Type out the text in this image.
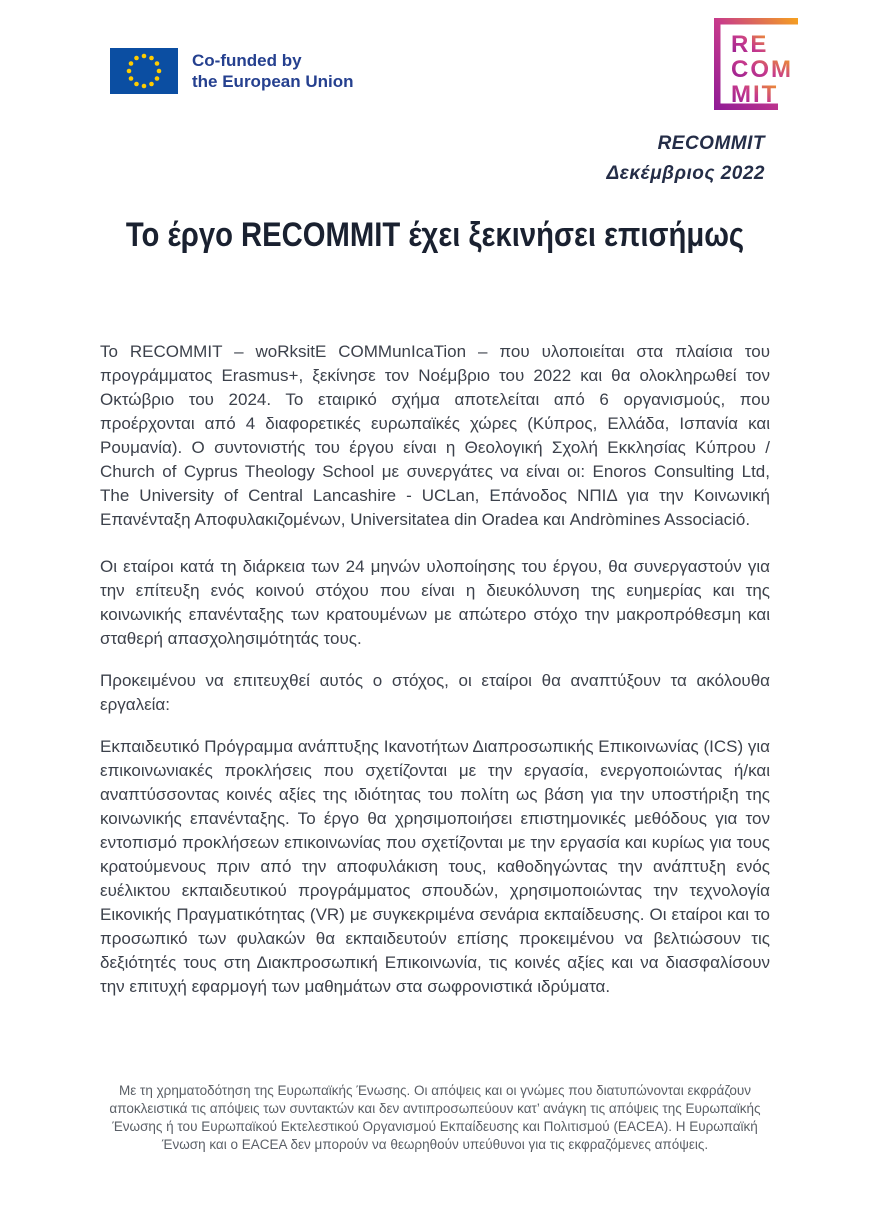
Co-funded by
the European Union
RE
COM
MIT
RECOMMIT
Δεκέμβριος 2022
Το έργο RECOMMIT έχει ξεκινήσει επισήμως

Το RECOMMIT – woRksitE COMMunIcaTion – που υλοποιείται στα πλαίσια του προγράμματος Erasmus+, ξεκίνησε τον Νοέμβριο του 2022 και θα ολοκληρωθεί τον Οκτώβριο του 2024. Το εταιρικό σχήμα αποτελείται από 6 οργανισμούς, που προέρχονται από 4 διαφορετικές ευρωπαϊκές χώρες (Κύπρος, Ελλάδα, Ισπανία και Ρουμανία). Ο συντονιστής του έργου είναι η Θεολογική Σχολή Εκκλησίας Κύπρου / Church of Cyprus Theology School με συνεργάτες να είναι οι: Enoros Consulting Ltd, The University of Central Lancashire - UCLan, Επάνοδος ΝΠΙΔ για την Κοινωνική Επανένταξη Αποφυλακιζομένων, Universitatea din Oradea και Andròmines Associació.

Οι εταίροι κατά τη διάρκεια των 24 μηνών υλοποίησης του έργου, θα συνεργαστούν για την επίτευξη ενός κοινού στόχου που είναι η διευκόλυνση της ευημερίας και της κοινωνικής επανένταξης των κρατουμένων με απώτερο στόχο την μακροπρόθεσμη και σταθερή απασχολησιμότητάς τους.

Προκειμένου να επιτευχθεί αυτός ο στόχος, οι εταίροι θα αναπτύξουν τα ακόλουθα εργαλεία:

Εκπαιδευτικό Πρόγραμμα ανάπτυξης Ικανοτήτων Διαπροσωπικής Επικοινωνίας (ICS) για επικοινωνιακές προκλήσεις που σχετίζονται με την εργασία, ενεργοποιώντας ή/και αναπτύσσοντας κοινές αξίες της ιδιότητας του πολίτη ως βάση για την υποστήριξη της κοινωνικής επανένταξης. Το έργο θα χρησιμοποιήσει επιστημονικές μεθόδους για τον εντοπισμό προκλήσεων επικοινωνίας που σχετίζονται με την εργασία και κυρίως για τους κρατούμενους πριν από την αποφυλάκιση τους, καθοδηγώντας την ανάπτυξη ενός ευέλικτου εκπαιδευτικού προγράμματος σπουδών, χρησιμοποιώντας την τεχνολογία Εικονικής Πραγματικότητας (VR) με συγκεκριμένα σενάρια εκπαίδευσης. Οι εταίροι και το προσωπικό των φυλακών θα εκπαιδευτούν επίσης προκειμένου να βελτιώσουν τις δεξιότητές τους στη Διακπροσωπική Επικοινωνία, τις κοινές αξίες και να διασφαλίσουν την επιτυχή εφαρμογή των μαθημάτων στα σωφρονιστικά ιδρύματα.

Με τη χρηματοδότηση της Ευρωπαϊκής Ένωσης. Οι απόψεις και οι γνώμες που διατυπώνονται εκφράζουν αποκλειστικά τις απόψεις των συντακτών και δεν αντιπροσωπεύουν κατ’ ανάγκη τις απόψεις της Ευρωπαϊκής Ένωσης ή του Ευρωπαϊκού Εκτελεστικού Οργανισμού Εκπαίδευσης και Πολιτισμού (EACEA). Η Ευρωπαϊκή Ένωση και ο EACEA δεν μπορούν να θεωρηθούν υπεύθυνοι για τις εκφραζόμενες απόψεις.
